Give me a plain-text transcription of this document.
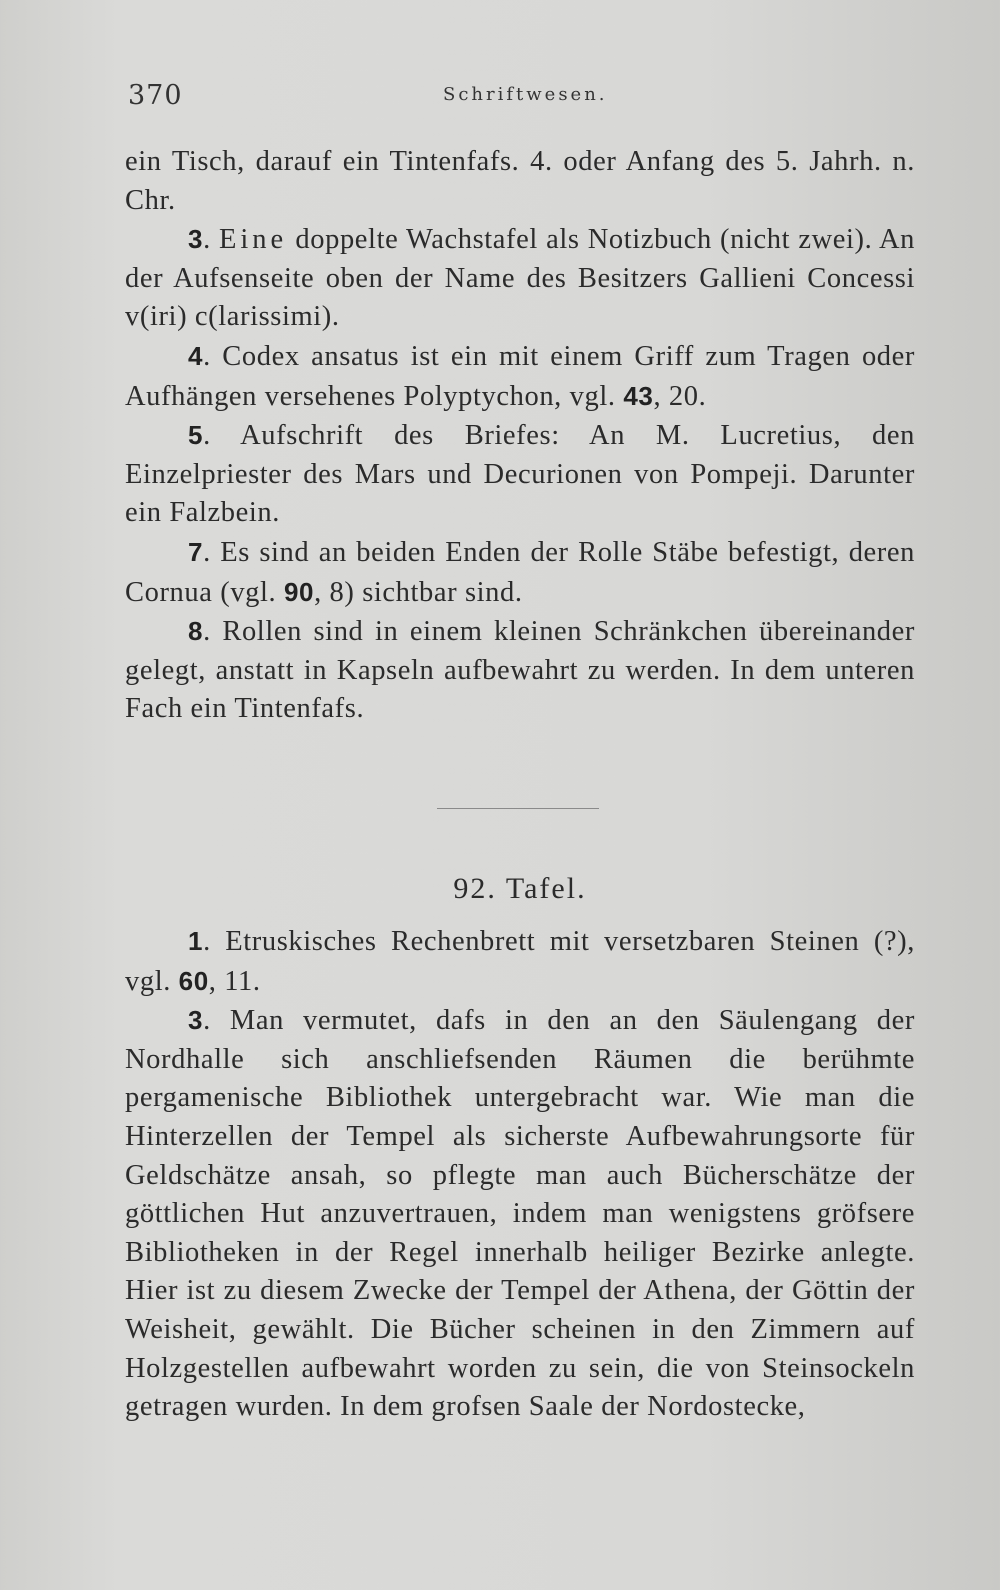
370	Schriftwesen.

ein Tisch, darauf ein Tintenfafs. 4. oder Anfang des 5. Jahrh. n. Chr.

3. Eine doppelte Wachstafel als Notizbuch (nicht zwei). An der Aufsenseite oben der Name des Besitzers Gallieni Concessi v(iri) c(larissimi).

4. Codex ansatus ist ein mit einem Griff zum Tragen oder Aufhängen versehenes Polyptychon, vgl. 43, 20.

5. Aufschrift des Briefes: An M. Lucretius, den Einzelpriester des Mars und Decurionen von Pompeji. Darunter ein Falzbein.

7. Es sind an beiden Enden der Rolle Stäbe befestigt, deren Cornua (vgl. 90, 8) sichtbar sind.

8. Rollen sind in einem kleinen Schränkchen übereinander gelegt, anstatt in Kapseln aufbewahrt zu werden. In dem unteren Fach ein Tintenfafs.

92. Tafel.

1. Etruskisches Rechenbrett mit versetzbaren Steinen (?), vgl. 60, 11.

3. Man vermutet, dafs in den an den Säulengang der Nordhalle sich anschliefsenden Räumen die berühmte pergamenische Bibliothek untergebracht war. Wie man die Hinterzellen der Tempel als sicherste Aufbewahrungsorte für Geldschätze ansah, so pflegte man auch Bücherschätze der göttlichen Hut anzuvertrauen, indem man wenigstens gröfsere Bibliotheken in der Regel innerhalb heiliger Bezirke anlegte. Hier ist zu diesem Zwecke der Tempel der Athena, der Göttin der Weisheit, gewählt. Die Bücher scheinen in den Zimmern auf Holzgestellen aufbewahrt worden zu sein, die von Steinsockeln getragen wurden. In dem grofsen Saale der Nordostecke,
